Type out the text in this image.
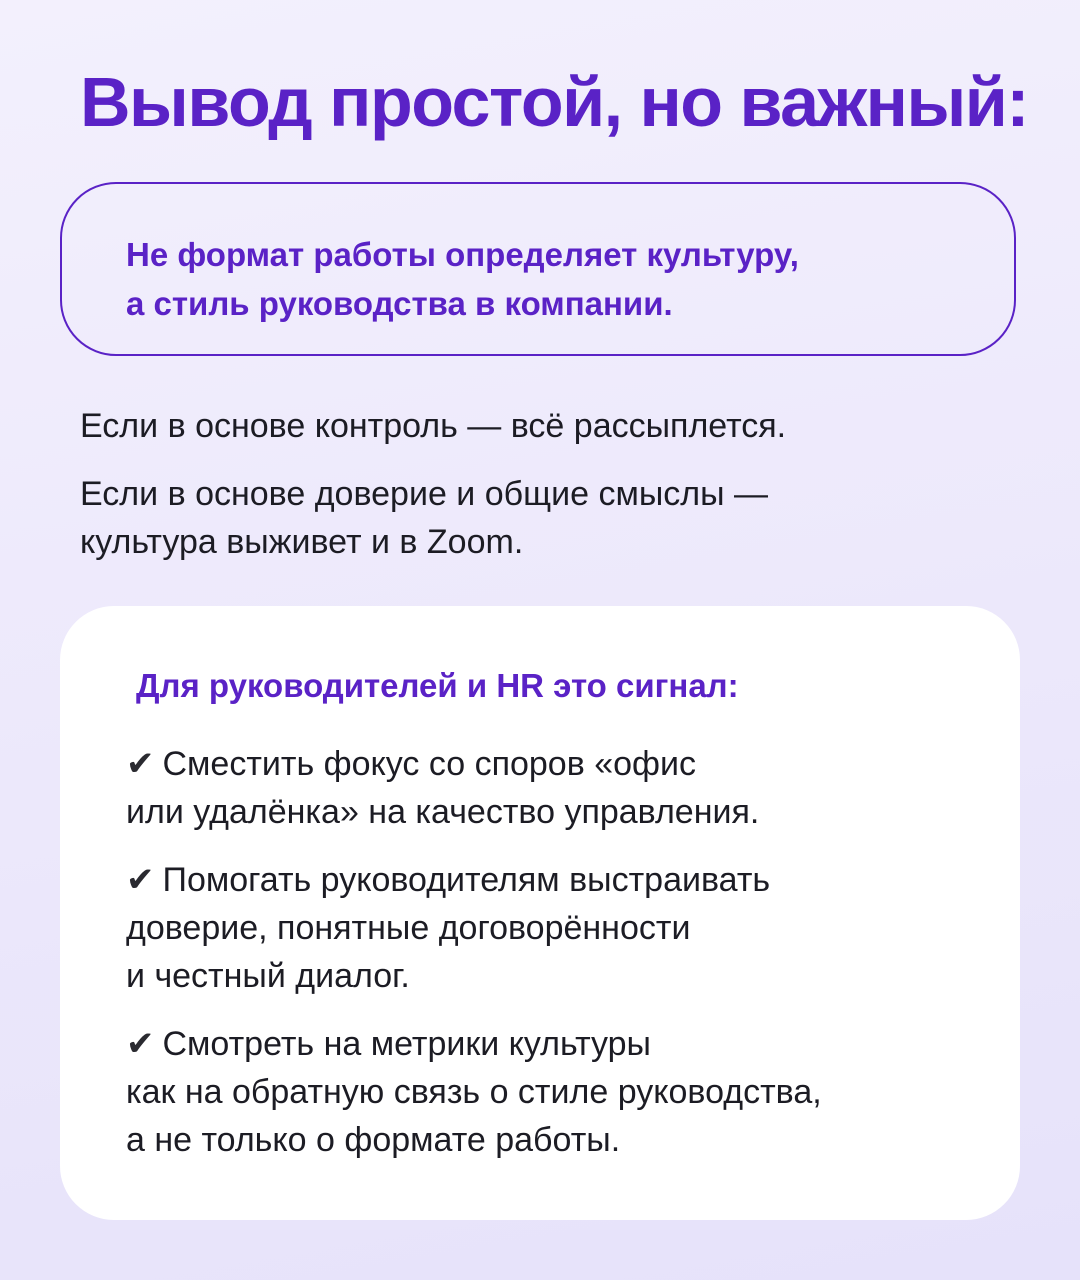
Вывод простой, но важный:
Не формат работы определяет культуру,
а стиль руководства в компании.

Если в основе контроль — всё рассыплется.

Если в основе доверие и общие смыслы —
культура выживет и в Zoom.

Для руководителей и HR это сигнал:

✔ Сместить фокус со споров «офис
или удалёнка» на качество управления.

✔ Помогать руководителям выстраивать
доверие, понятные договорённости
и честный диалог.

✔ Смотреть на метрики культуры
как на обратную связь о стиле руководства,
а не только о формате работы.
